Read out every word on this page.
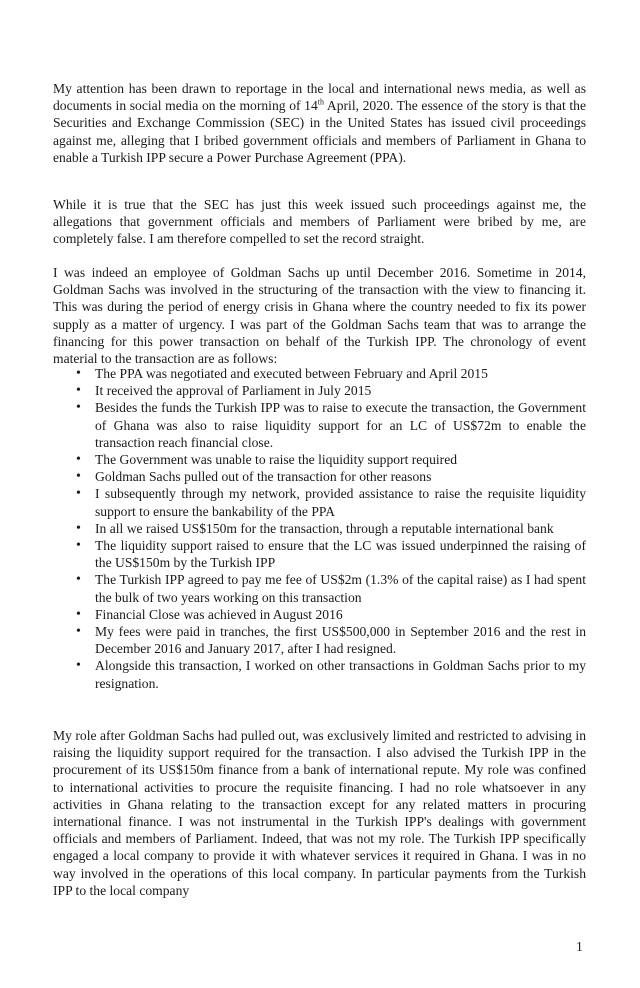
My attention has been drawn to reportage in the local and international news media, as well as documents in social media on the morning of 14th April, 2020. The essence of the story is that the Securities and Exchange Commission (SEC) in the United States has issued civil proceedings against me, alleging that I bribed government officials and members of Parliament in Ghana to enable a Turkish IPP secure a Power Purchase Agreement (PPA).

While it is true that the SEC has just this week issued such proceedings against me, the allegations that government officials and members of Parliament were bribed by me, are completely false. I am therefore compelled to set the record straight.

I was indeed an employee of Goldman Sachs up until December 2016. Sometime in 2014, Goldman Sachs was involved in the structuring of the transaction with the view to financing it. This was during the period of energy crisis in Ghana where the country needed to fix its power supply as a matter of urgency. I was part of the Goldman Sachs team that was to arrange the financing for this power transaction on behalf of the Turkish IPP. The chronology of event material to the transaction are as follows:

• The PPA was negotiated and executed between February and April 2015
• It received the approval of Parliament in July 2015
• Besides the funds the Turkish IPP was to raise to execute the transaction, the Government of Ghana was also to raise liquidity support for an LC of US$72m to enable the transaction reach financial close.
• The Government was unable to raise the liquidity support required
• Goldman Sachs pulled out of the transaction for other reasons
• I subsequently through my network, provided assistance to raise the requisite liquidity support to ensure the bankability of the PPA
• In all we raised US$150m for the transaction, through a reputable international bank
• The liquidity support raised to ensure that the LC was issued underpinned the raising of the US$150m by the Turkish IPP
• The Turkish IPP agreed to pay me fee of US$2m (1.3% of the capital raise) as I had spent the bulk of two years working on this transaction
• Financial Close was achieved in August 2016
• My fees were paid in tranches, the first US$500,000 in September 2016 and the rest in December 2016 and January 2017, after I had resigned.
• Alongside this transaction, I worked on other transactions in Goldman Sachs prior to my resignation.

My role after Goldman Sachs had pulled out, was exclusively limited and restricted to advising in raising the liquidity support required for the transaction. I also advised the Turkish IPP in the procurement of its US$150m finance from a bank of international repute. My role was confined to international activities to procure the requisite financing. I had no role whatsoever in any activities in Ghana relating to the transaction except for any related matters in procuring international finance. I was not instrumental in the Turkish IPP's dealings with government officials and members of Parliament. Indeed, that was not my role. The Turkish IPP specifically engaged a local company to provide it with whatever services it required in Ghana. I was in no way involved in the operations of this local company. In particular payments from the Turkish IPP to the local company

1
